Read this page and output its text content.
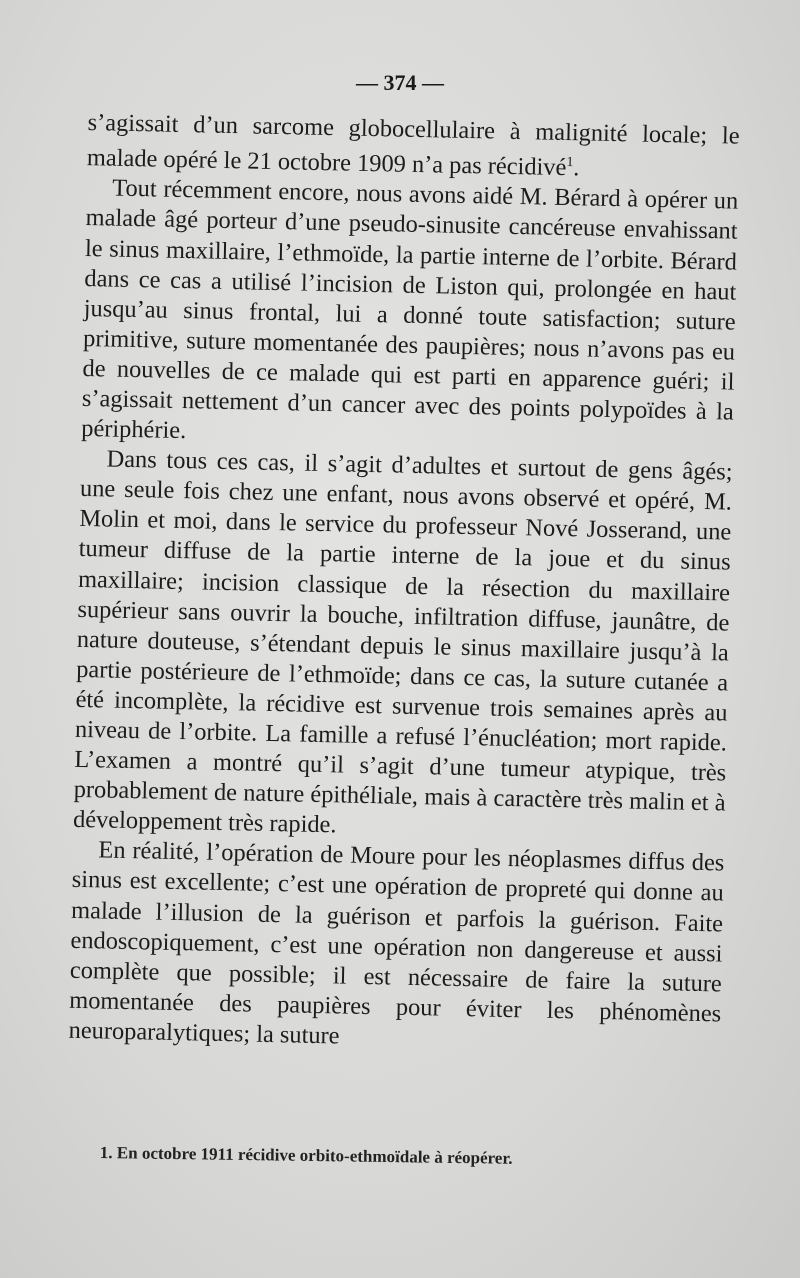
— 374 —

s’agissait d’un sarcome globocellulaire à malignité locale; le malade opéré le 21 octobre 1909 n’a pas récidivé$^1$.

Tout récemment encore, nous avons aidé M. Bérard à opérer un malade âgé porteur d’une pseudo-sinusite cancéreuse envahissant le sinus maxillaire, l’ethmoïde, la partie interne de l’orbite. Bérard dans ce cas a utilisé l’incision de Liston qui, prolongée en haut jusqu’au sinus frontal, lui a donné toute satisfaction; suture primitive, suture momentanée des paupières; nous n’avons pas eu de nouvelles de ce malade qui est parti en apparence guéri; il s’agissait nettement d’un cancer avec des points polypoïdes à la périphérie.

Dans tous ces cas, il s’agit d’adultes et surtout de gens âgés; une seule fois chez une enfant, nous avons observé et opéré, M. Molin et moi, dans le service du professeur Nové Josserand, une tumeur diffuse de la partie interne de la joue et du sinus maxillaire; incision classique de la résection du maxillaire supérieur sans ouvrir la bouche, infiltration diffuse, jaunâtre, de nature douteuse, s’étendant depuis le sinus maxillaire jusqu’à la partie postérieure de l’ethmoïde; dans ce cas, la suture cutanée a été incomplète, la récidive est survenue trois semaines après au niveau de l’orbite. La famille a refusé l’énucléation; mort rapide. L’examen a montré qu’il s’agit d’une tumeur atypique, très probablement de nature épithéliale, mais à caractère très malin et à développement très rapide.

En réalité, l’opération de Moure pour les néoplasmes diffus des sinus est excellente; c’est une opération de propreté qui donne au malade l’illusion de la guérison et parfois la guérison. Faite endoscopiquement, c’est une opération non dangereuse et aussi complète que possible; il est nécessaire de faire la suture momentanée des paupières pour éviter les phénomènes neuroparalytiques; la suture

1. En octobre 1911 récidive orbito-ethmoïdale à réopérer.
